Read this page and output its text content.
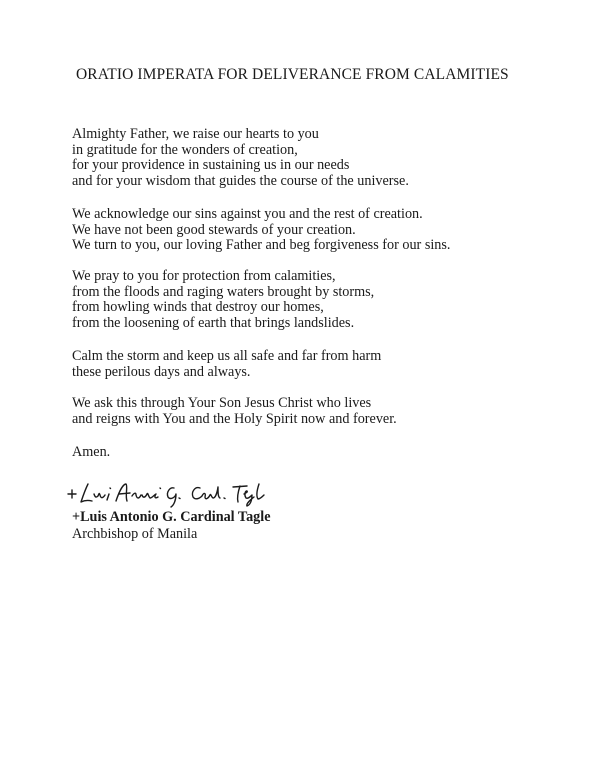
ORATIO IMPERATA FOR DELIVERANCE FROM CALAMITIES
Almighty Father, we raise our hearts to you
in gratitude for the wonders of creation,
for your providence in sustaining us in our needs
and for your wisdom that guides the course of the universe.
We acknowledge our sins against you and the rest of creation.
We have not been good stewards of your creation.
We turn to you, our loving Father and beg forgiveness for our sins.
We pray to you for protection from calamities,
from the floods and raging waters brought by storms,
from howling winds that destroy our homes,
from the loosening of earth that brings landslides.
Calm the storm and keep us all safe and far from harm
these perilous days and always.
We ask this through Your Son Jesus Christ who lives
and reigns with You and the Holy Spirit now and forever.
Amen.
+Luis Antonio G. Cardinal Tagle
Archbishop of Manila
